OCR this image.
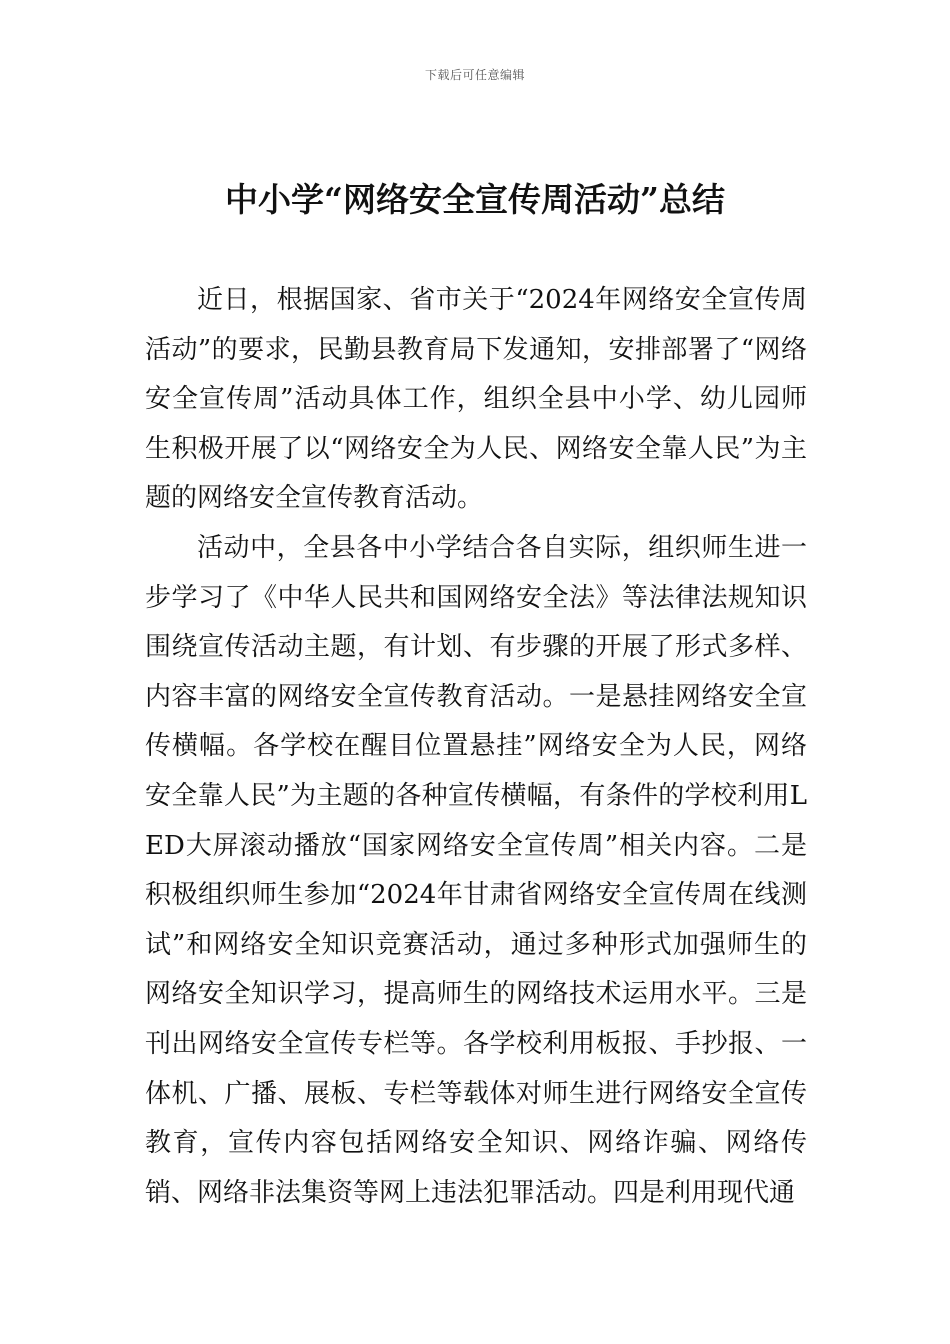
下载后可任意编辑
中小学“网络安全宣传周活动”总结

近日，根据国家、省市关于“2024年网络安全宣传周活动”的要求，民勤县教育局下发通知，安排部署了“网络安全宣传周”活动具体工作，组织全县中小学、幼儿园师生积极开展了以“网络安全为人民、网络安全靠人民”为主题的网络安全宣传教育活动。

活动中，全县各中小学结合各自实际，组织师生进一步学习了《中华人民共和国网络安全法》等法律法规知识围绕宣传活动主题，有计划、有步骤的开展了形式多样、内容丰富的网络安全宣传教育活动。一是悬挂网络安全宣传横幅。各学校在醒目位置悬挂”网络安全为人民，网络安全靠人民”为主题的各种宣传横幅，有条件的学校利用LED大屏滚动播放“国家网络安全宣传周”相关内容。二是积极组织师生参加“2024年甘肃省网络安全宣传周在线测试”和网络安全知识竞赛活动，通过多种形式加强师生的网络安全知识学习，提高师生的网络技术运用水平。三是刊出网络安全宣传专栏等。各学校利用板报、手抄报、一体机、广播、展板、专栏等载体对师生进行网络安全宣传教育，宣传内容包括网络安全知识、网络诈骗、网络传销、网络非法集资等网上违法犯罪活动。四是利用现代通
